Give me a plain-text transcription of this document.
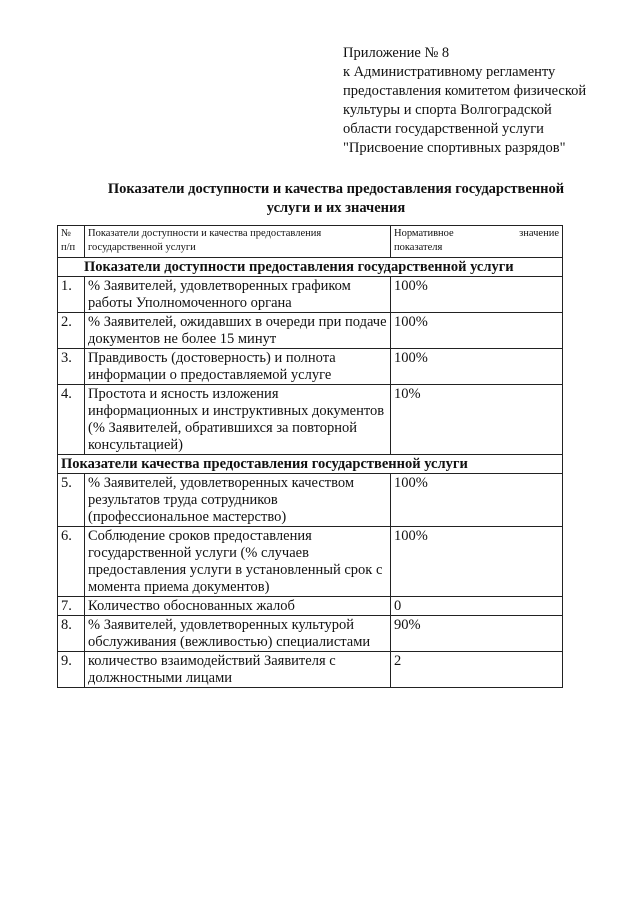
Приложение № 8
к Административному регламенту
предоставления комитетом физической
культуры и спорта Волгоградской
области государственной услуги
"Присвоение спортивных разрядов"
Показатели доступности и качества предоставления государственной
услуги и их значения
№ п/п	Показатели доступности и качества предоставления государственной услуги	Нормативное значение
показателя

Показатели доступности предоставления государственной услуги		
1.	% Заявителей, удовлетворенных графиком работы Уполномоченного органа	100%
2.	% Заявителей, ожидавших в очереди при подаче документов не более 15 минут	100%
3.	Правдивость (достоверность) и полнота информации о предоставляемой услуге	100%
4.	Простота и ясность изложения информационных и инструктивных документов (% Заявителей, обратившихся за повторной консультацией)	10%
Показатели качества предоставления государственной услуги		
5.	% Заявителей, удовлетворенных качеством результатов труда сотрудников (профессиональное мастерство)	100%
6.	Соблюдение сроков предоставления государственной услуги (% случаев предоставления услуги в установленный срок с момента приема документов)	100%
7.	Количество обоснованных жалоб	0
8.	% Заявителей, удовлетворенных культурой обслуживания (вежливостью) специалистами	90%
9.	количество взаимодействий Заявителя с должностными лицами	2
